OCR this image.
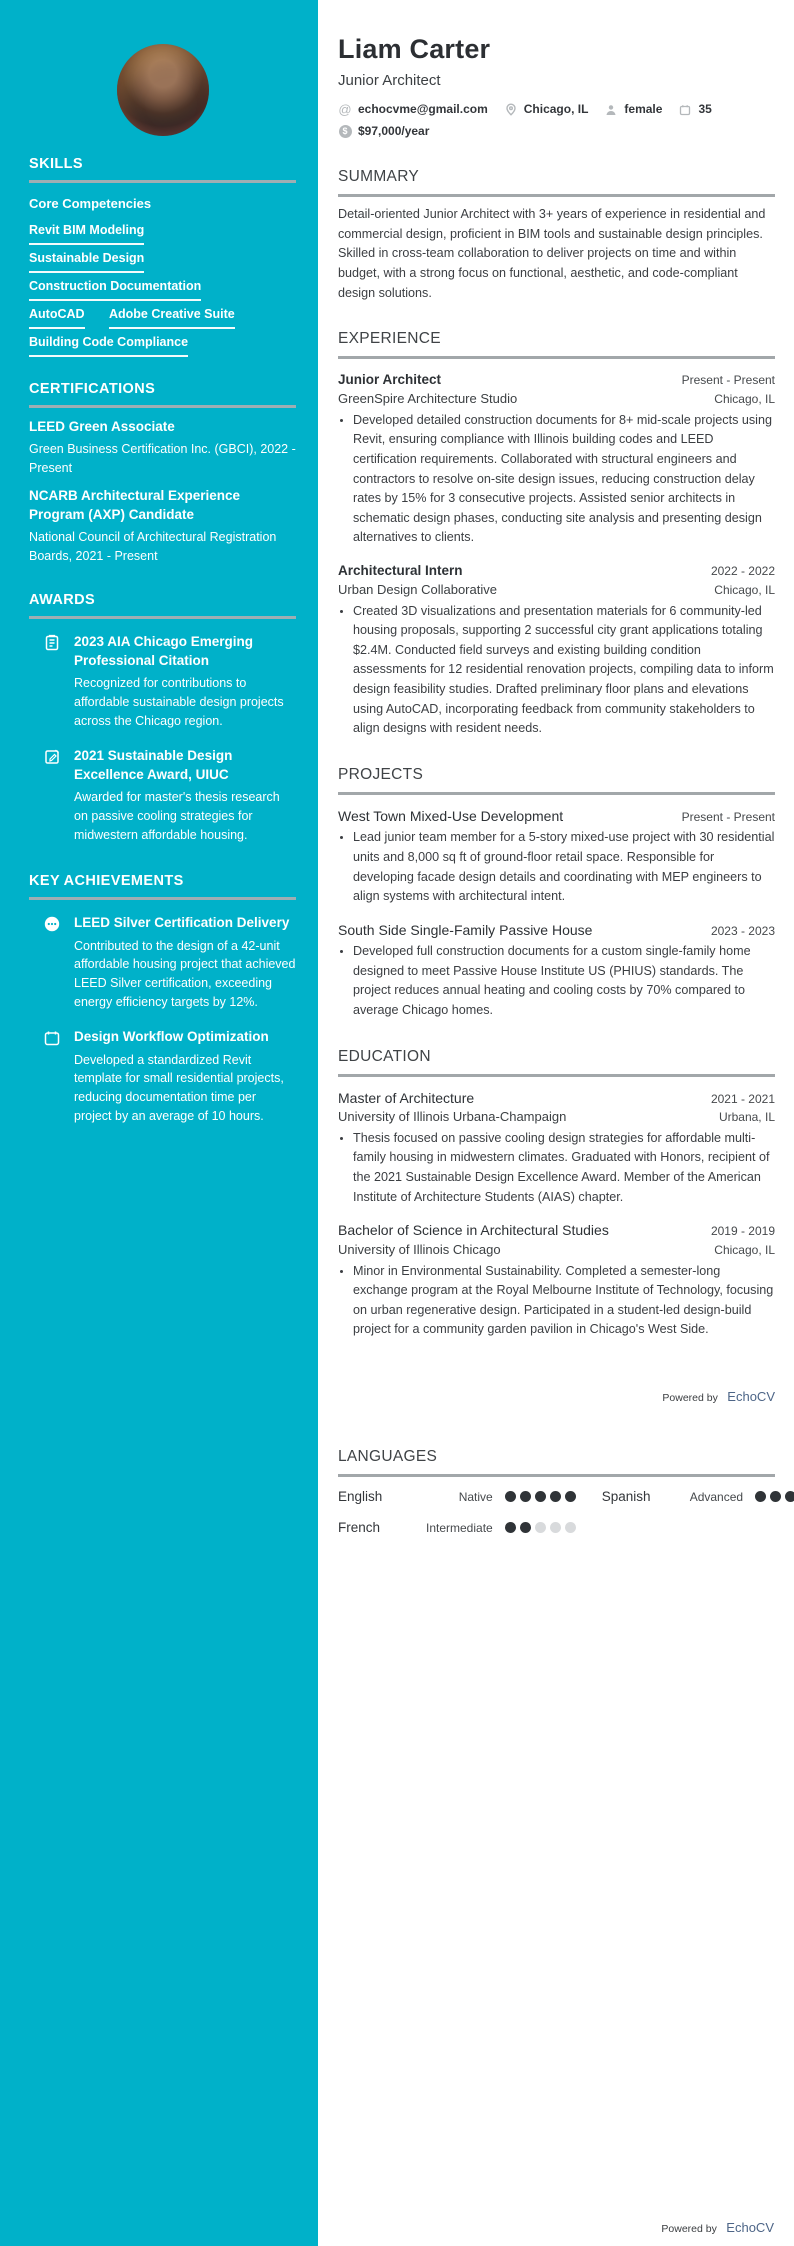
SKILLS
Core Competencies
Revit BIM Modeling Sustainable Design Construction Documentation AutoCAD Adobe Creative Suite Building Code Compliance
CERTIFICATIONS
LEED Green Associate
Green Business Certification Inc. (GBCI), 2022 - Present
NCARB Architectural Experience Program (AXP) Candidate
National Council of Architectural Registration Boards, 2021 - Present
AWARDS
2023 AIA Chicago Emerging Professional Citation
Recognized for contributions to affordable sustainable design projects across the Chicago region.
2021 Sustainable Design Excellence Award, UIUC
Awarded for master's thesis research on passive cooling strategies for midwestern affordable housing.
KEY ACHIEVEMENTS
LEED Silver Certification Delivery
Contributed to the design of a 42-unit affordable housing project that achieved LEED Silver certification, exceeding energy efficiency targets by 12%.
Design Workflow Optimization
Developed a standardized Revit template for small residential projects, reducing documentation time per project by an average of 10 hours.
Liam Carter
Junior Architect
@ echocvme@gmail.com	Chicago, IL	female	35
$ $97,000/year
SUMMARY

Detail-oriented Junior Architect with 3+ years of experience in residential and commercial design, proficient in BIM tools and sustainable design principles. Skilled in cross-team collaboration to deliver projects on time and within budget, with a strong focus on functional, aesthetic, and code-compliant design solutions.

EXPERIENCE
Junior Architect	Present - Present
GreenSpire Architecture Studio	Chicago, IL
• Developed detailed construction documents for 8+ mid-scale projects using Revit, ensuring compliance with Illinois building codes and LEED certification requirements. Collaborated with structural engineers and contractors to resolve on-site design issues, reducing construction delay rates by 15% for 3 consecutive projects. Assisted senior architects in schematic design phases, conducting site analysis and presenting design alternatives to clients.
Architectural Intern	2022 - 2022
Urban Design Collaborative	Chicago, IL
• Created 3D visualizations and presentation materials for 6 community-led housing proposals, supporting 2 successful city grant applications totaling $2.4M. Conducted field surveys and existing building condition assessments for 12 residential renovation projects, compiling data to inform design feasibility studies. Drafted preliminary floor plans and elevations using AutoCAD, incorporating feedback from community stakeholders to align designs with resident needs.
PROJECTS
West Town Mixed-Use Development	Present - Present
• Lead junior team member for a 5-story mixed-use project with 30 residential units and 8,000 sq ft of ground-floor retail space. Responsible for developing facade design details and coordinating with MEP engineers to align systems with architectural intent.
South Side Single-Family Passive House	2023 - 2023
• Developed full construction documents for a custom single-family home designed to meet Passive House Institute US (PHIUS) standards. The project reduces annual heating and cooling costs by 70% compared to average Chicago homes.
EDUCATION
Master of Architecture	2021 - 2021
University of Illinois Urbana-Champaign	Urbana, IL
• Thesis focused on passive cooling design strategies for affordable multi-family housing in midwestern climates. Graduated with Honors, recipient of the 2021 Sustainable Design Excellence Award. Member of the American Institute of Architecture Students (AIAS) chapter.
Bachelor of Science in Architectural Studies	2019 - 2019
University of Illinois Chicago	Chicago, IL
• Minor in Environmental Sustainability. Completed a semester-long exchange program at the Royal Melbourne Institute of Technology, focusing on urban regenerative design. Participated in a student-led design-build project for a community garden pavilion in Chicago's West Side.
Powered by EchoCV
LANGUAGES
English	Native	Spanish	Advanced
French	Intermediate
Powered by EchoCV
